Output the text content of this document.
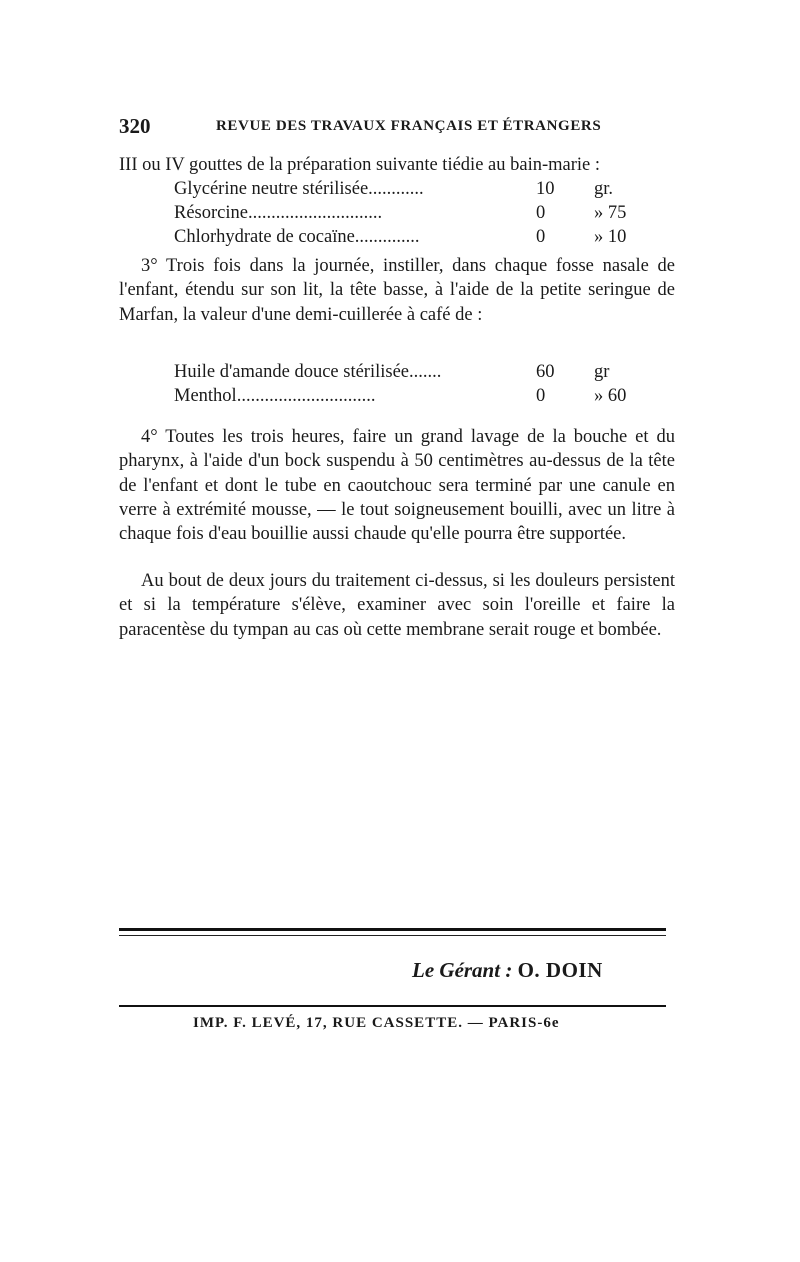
320	REVUE DES TRAVAUX FRANÇAIS ET ÉTRANGERS
III ou IV gouttes de la préparation suivante tiédie au bain-marie :
Glycérine neutre stérilisée............	10 gr.
Résorcine.............................	0	» 75
Chlorhydrate de cocaïne..............	0	» 10

3° Trois fois dans la journée, instiller, dans chaque fosse nasale de l'enfant, étendu sur son lit, la tête basse, à l'aide de la petite seringue de Marfan, la valeur d'une demi-cuillerée à café de :

Huile d'amande douce stérilisée.......	60 gr
Menthol..............................	0	» 60

4° Toutes les trois heures, faire un grand lavage de la bouche et du pharynx, à l'aide d'un bock suspendu à 50 centimètres au-dessus de la tête de l'enfant et dont le tube en caoutchouc sera terminé par une canule en verre à extrémité mousse, — le tout soigneusement bouilli, avec un litre à chaque fois d'eau bouillie aussi chaude qu'elle pourra être supportée.

Au bout de deux jours du traitement ci-dessus, si les douleurs persistent et si la température s'élève, examiner avec soin l'oreille et faire la paracentèse du tympan au cas où cette membrane serait rouge et bombée.

Le Gérant : O. DOIN
IMP. F. LEVÉ, 17, RUE CASSETTE. — PARIS-6e
